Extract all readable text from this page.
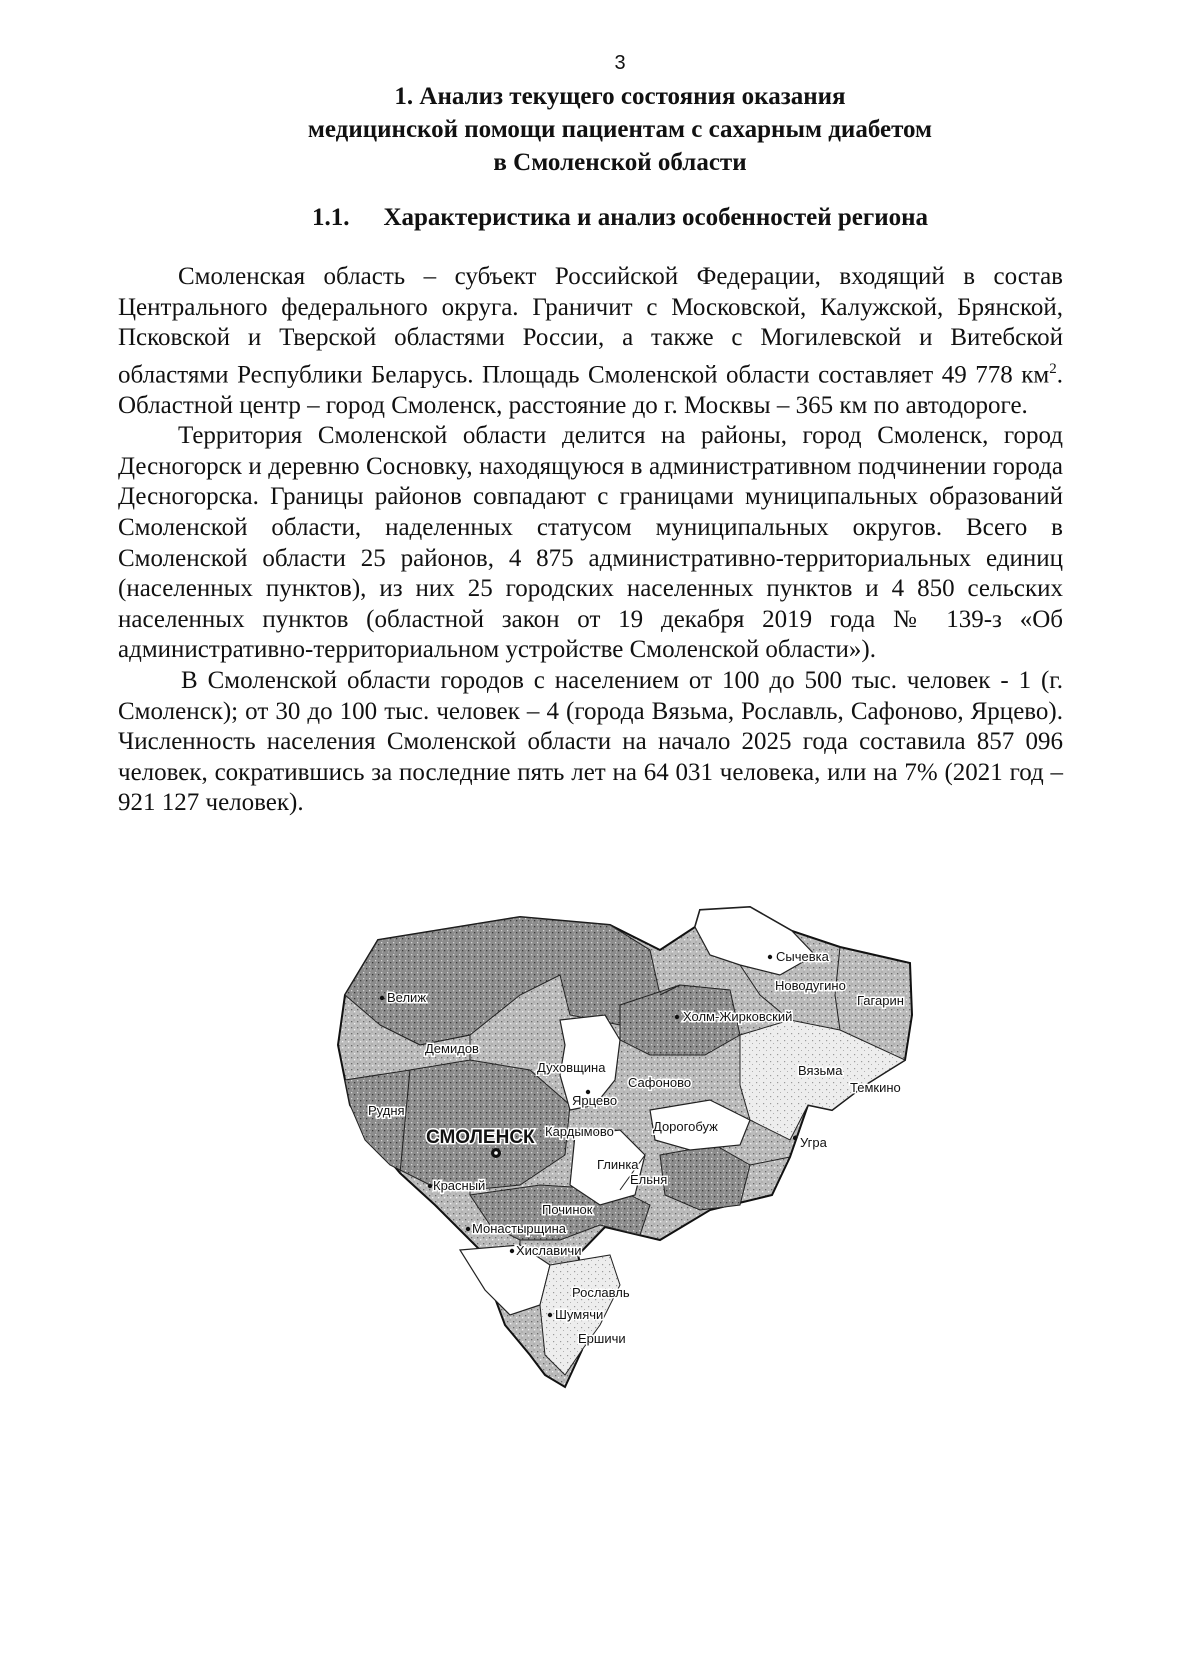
3
1. Анализ текущего состояния оказания
медицинской помощи пациентам с сахарным диабетом
в Смоленской области
1.1. Характеристика и анализ особенностей региона

Смоленская область – субъект Российской Федерации, входящий в состав Центрального федерального округа. Граничит с Московской, Калужской, Брянской, Псковской и Тверской областями России, а также с Могилевской и Витебской областями Республики Беларусь. Площадь Смоленской области составляет 49 778 $км^2$. Областной центр – город Смоленск, расстояние до г. Москвы – 365 км по автодороге.

Территория Смоленской области делится на районы, город Смоленск, город Десногорск и деревню Сосновку, находящуюся в административном подчинении города Десногорска. Границы районов совпадают с границами муниципальных образований Смоленской области, наделенных статусом муниципальных округов. Всего в Смоленской области 25 районов, 4 875 административно-территориальных единиц (населенных пунктов), из них 25 городских населенных пунктов и 4 850 сельских населенных пунктов (областной закон от 19 декабря 2019 года № 139-з «Об административно-территориальном устройстве Смоленской области»).

В Смоленской области городов с населением от 100 до 500 тыс. человек - 1 (г. Смоленск); от 30 до 100 тыс. человек – 4 (города Вязьма, Рославль, Сафоново, Ярцево). Численность населения Смоленской области на начало 2025 года составила 857 096 человек, сократившись за последние пять лет на 64 031 человека, или на 7% (2021 год – 921 127 человек).

Сычевка
Новодугино
Гагарин
Велиж
Холм-Жирковский
Демидов
Духовщина
Сафоново
Вязьма
Темкино
Рудня
Ярцево
Дорогобуж
СМОЛЕНСК Кардымово
Угра
Глинка
Ельня
Красный
Починок
Монастырщина
Хиславичи
Рославль
Шумячи
Ершичи
